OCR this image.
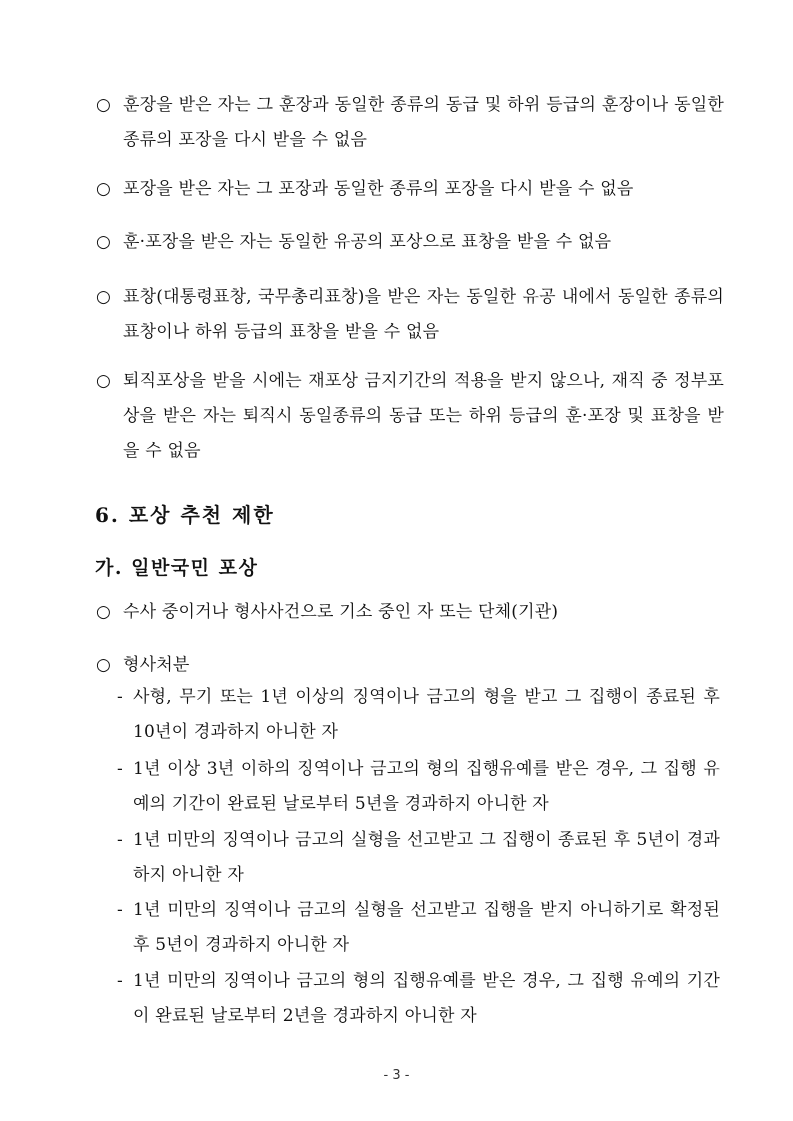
○ 훈장을 받은 자는 그 훈장과 동일한 종류의 동급 및 하위 등급의 훈장이나 동일한 종류의 포장을 다시 받을 수 없음
○ 포장을 받은 자는 그 포장과 동일한 종류의 포장을 다시 받을 수 없음
○ 훈·포장을 받은 자는 동일한 유공의 포상으로 표창을 받을 수 없음
○ 표창(대통령표창, 국무총리표창)을 받은 자는 동일한 유공 내에서 동일한 종류의 표창이나 하위 등급의 표창을 받을 수 없음
○ 퇴직포상을 받을 시에는 재포상 금지기간의 적용을 받지 않으나, 재직 중 정부포상을 받은 자는 퇴직시 동일종류의 동급 또는 하위 등급의 훈·포장 및 표창을 받을 수 없음
6. 포상 추천 제한
가. 일반국민 포상
○ 수사 중이거나 형사사건으로 기소 중인 자 또는 단체(기관)
○ 형사처분
- 사형, 무기 또는 1년 이상의 징역이나 금고의 형을 받고 그 집행이 종료된 후 10년이 경과하지 아니한 자
- 1년 이상 3년 이하의 징역이나 금고의 형의 집행유예를 받은 경우, 그 집행 유예의 기간이 완료된 날로부터 5년을 경과하지 아니한 자
- 1년 미만의 징역이나 금고의 실형을 선고받고 그 집행이 종료된 후 5년이 경과하지 아니한 자
- 1년 미만의 징역이나 금고의 실형을 선고받고 집행을 받지 아니하기로 확정된 후 5년이 경과하지 아니한 자
- 1년 미만의 징역이나 금고의 형의 집행유예를 받은 경우, 그 집행 유예의 기간이 완료된 날로부터 2년을 경과하지 아니한 자
- 3 -
